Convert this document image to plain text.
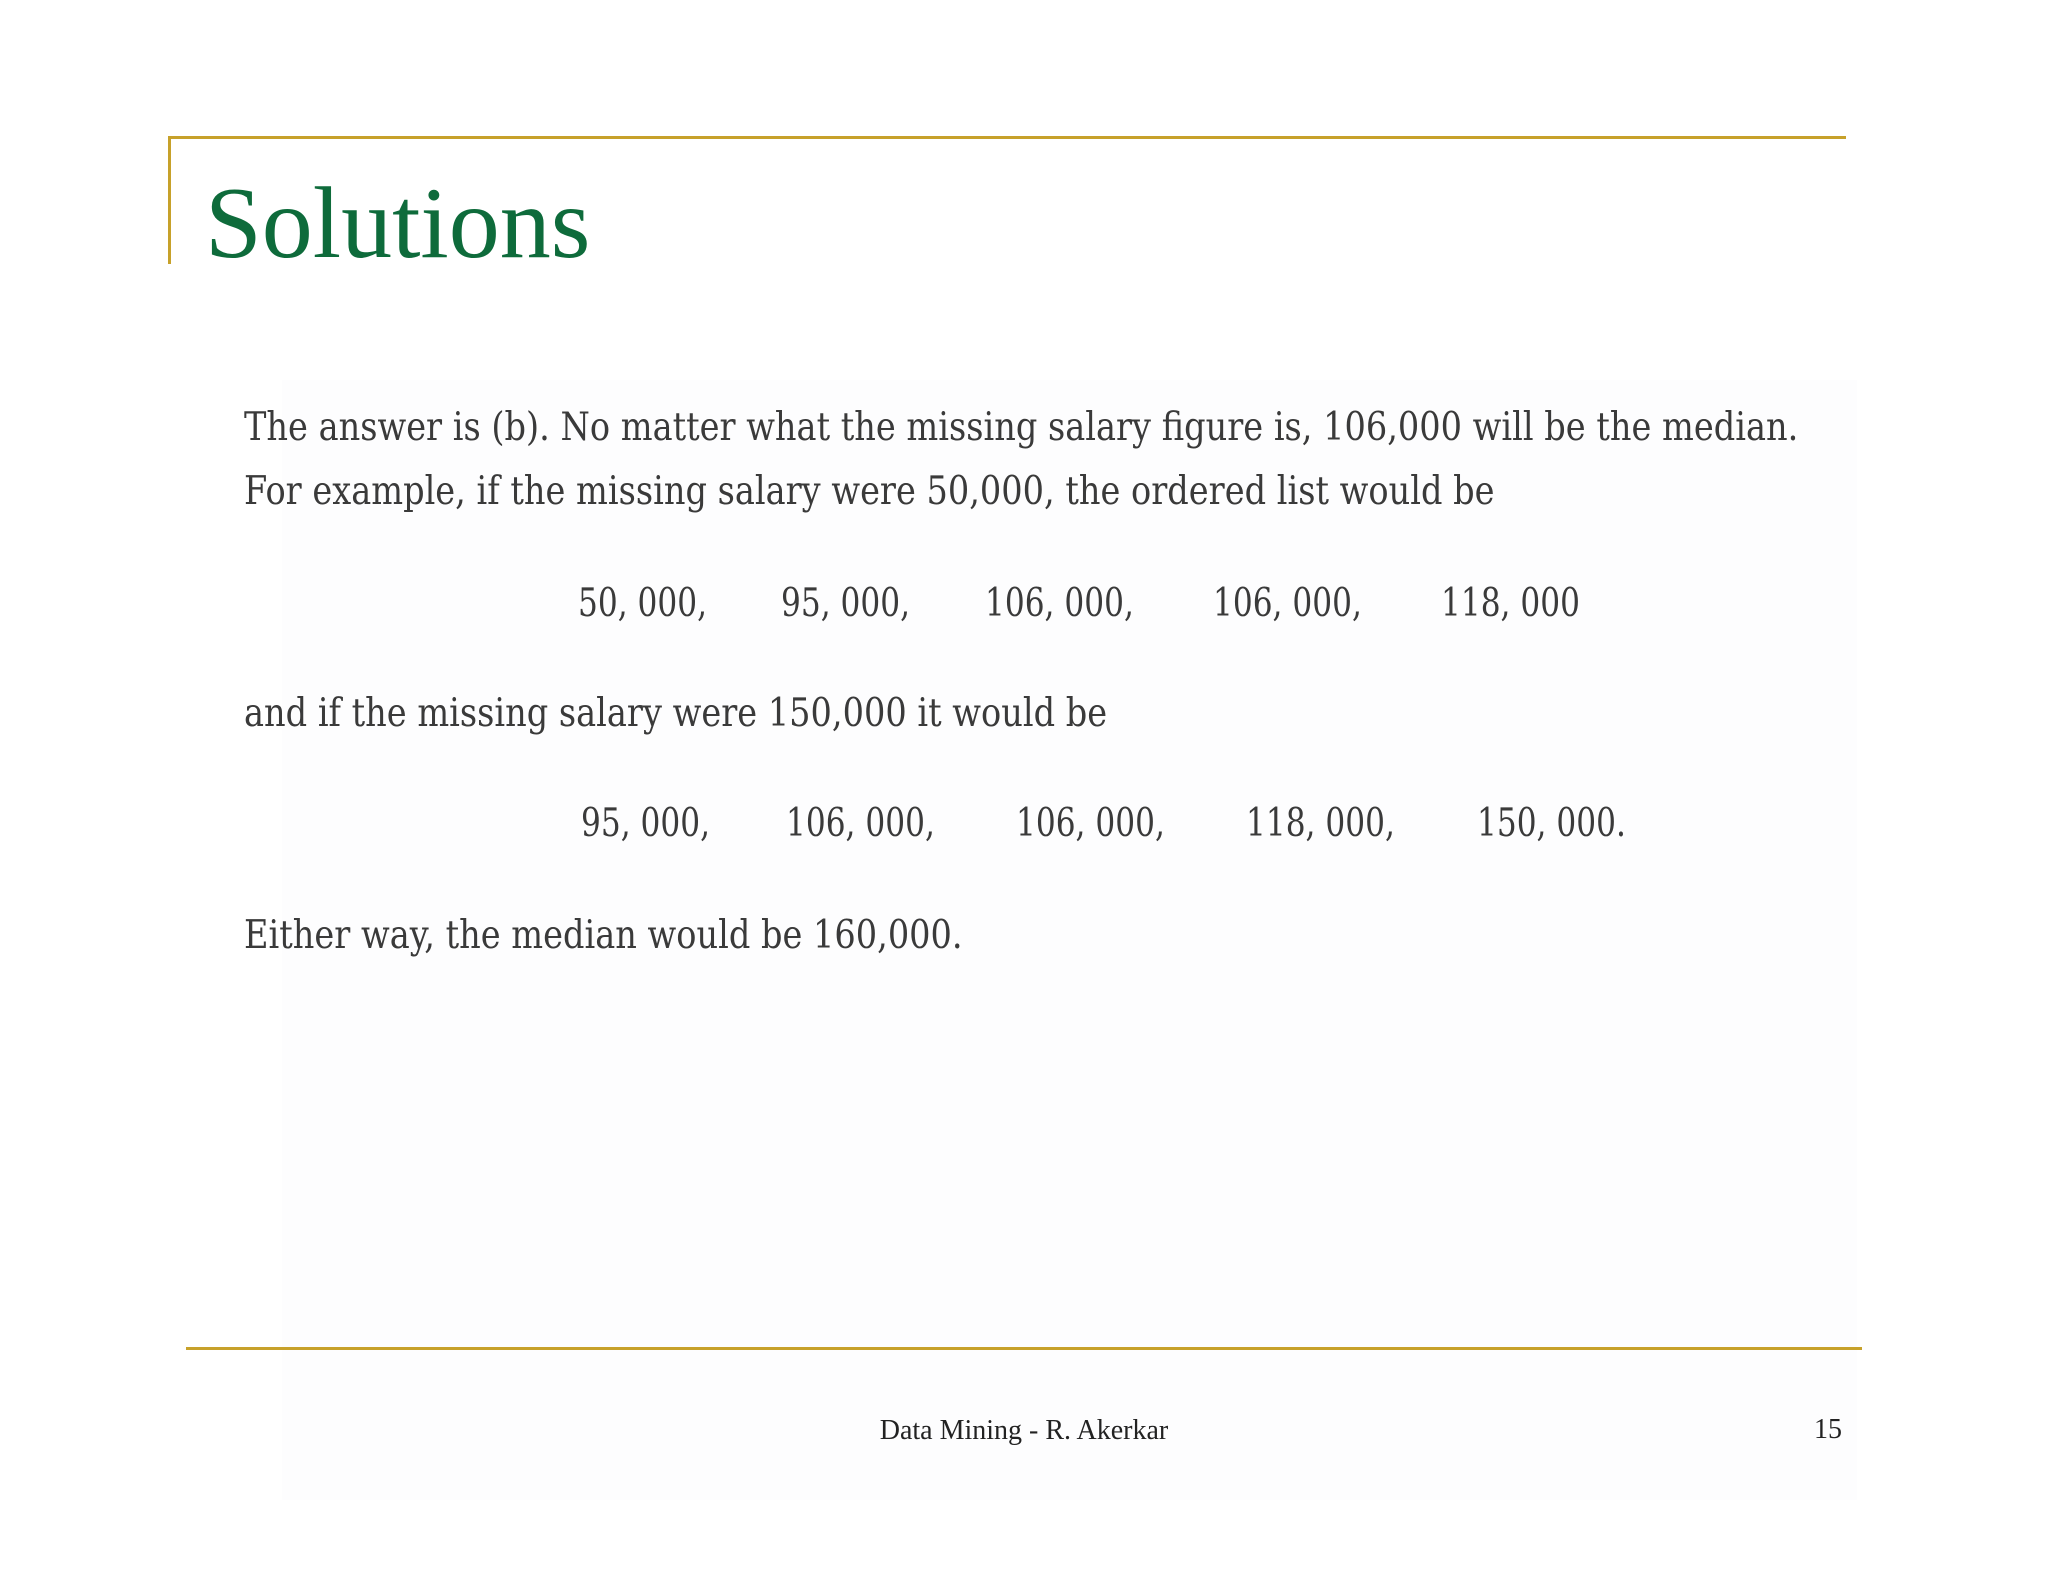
Solutions

The answer is (b). No matter what the missing salary figure is, 106,000 will be the median.

For example, if the missing salary were 50,000, the ordered list would be

50, 000,	95, 000,	106, 000,	106, 000,	118, 000

and if the missing salary were 150,000 it would be

95, 000,	106, 000,	106, 000,	118, 000,	150, 000.

Either way, the median would be 160,000.

Data Mining - R. Akerkar	15
